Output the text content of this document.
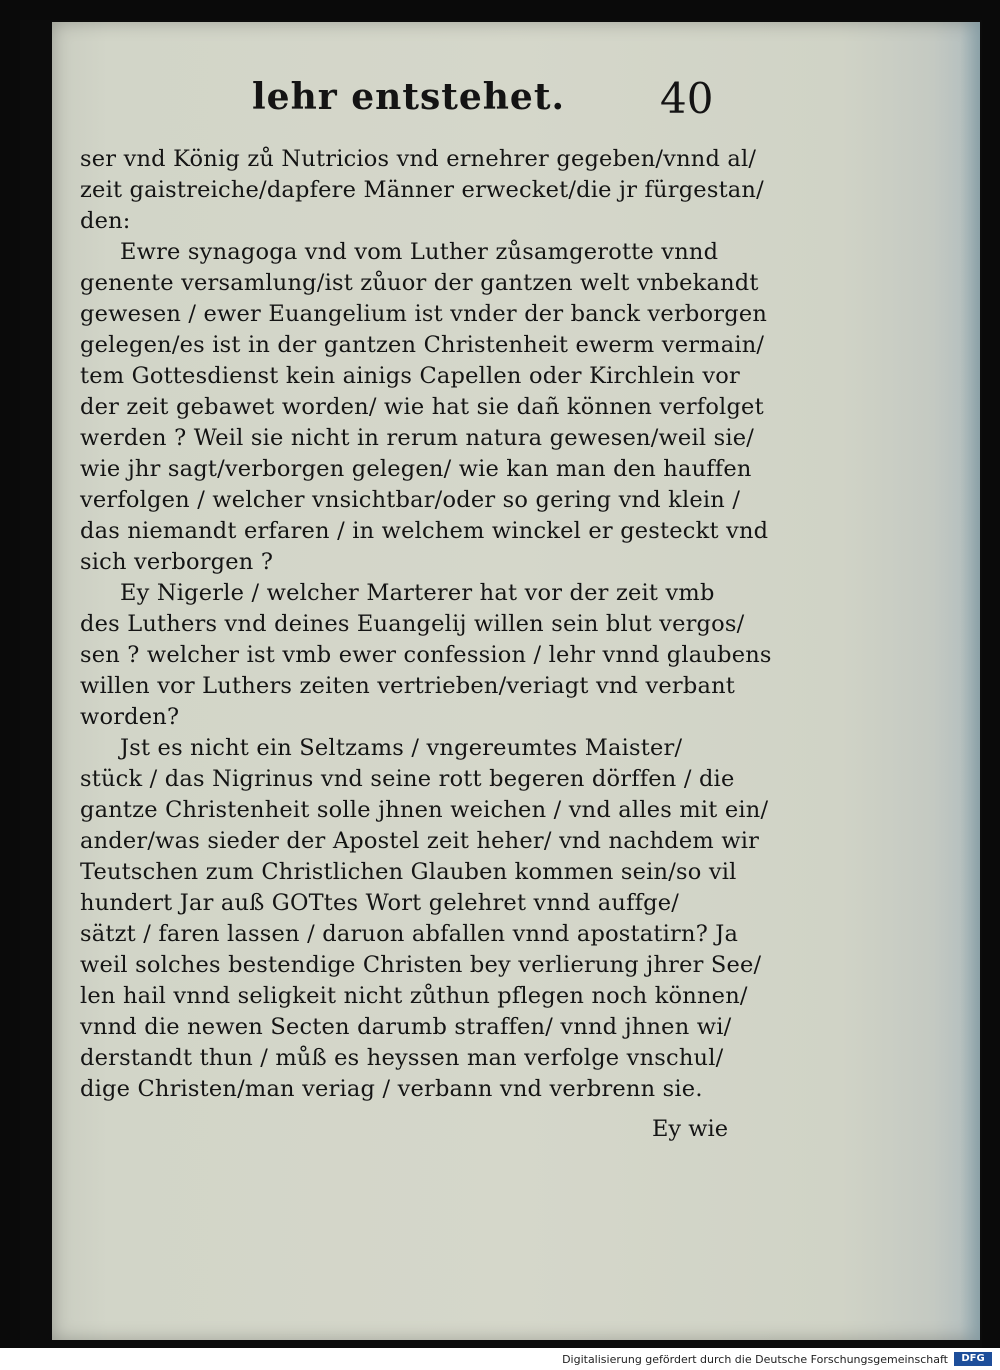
lehr entstehet. 40
ser vnd König zů Nutricios vnd ernehrer gegeben/vnnd al/
zeit gaistreiche/dapfere Männer erwecket/die jr fürgestan/
den:
Ewre synagoga vnd vom Luther zůsamgerotte vnnd
genente versamlung/ist zůuor der gantzen welt vnbekandt
gewesen / ewer Euangelium ist vnder der banck verborgen
gelegen/es ist in der gantzen Christenheit ewerm vermain/
tem Gottesdienst kein ainigs Capellen oder Kirchlein vor
der zeit gebawet worden/ wie hat sie dañ können verfolget
werden ? Weil sie nicht in rerum natura gewesen/weil sie/
wie jhr sagt/verborgen gelegen/ wie kan man den hauffen
verfolgen / welcher vnsichtbar/oder so gering vnd klein /
das niemandt erfaren / in welchem winckel er gesteckt vnd
sich verborgen ?
Ey Nigerle / welcher Marterer hat vor der zeit vmb
des Luthers vnd deines Euangelij willen sein blut vergos/
sen ? welcher ist vmb ewer confession / lehr vnnd glaubens
willen vor Luthers zeiten vertrieben/veriagt vnd verbant
worden?
Jst es nicht ein Seltzams / vngereumtes Maister/
stück / das Nigrinus vnd seine rott begeren dörffen / die
gantze Christenheit solle jhnen weichen / vnd alles mit ein/
ander/was sieder der Apostel zeit heher/ vnd nachdem wir
Teutschen zum Christlichen Glauben kommen sein/so vil
hundert Jar auß GOTtes Wort gelehret vnnd auffge/
sätzt / faren lassen / daruon abfallen vnnd apostatirn? Ja
weil solches bestendige Christen bey verlierung jhrer See/
len hail vnnd seligkeit nicht zůthun pflegen noch können/
vnnd die newen Secten darumb straffen/ vnnd jhnen wi/
derstandt thun / můß es heyssen man verfolge vnschul/
dige Christen/man veriag / verbann vnd verbrenn sie.
Ey wie
Digitalisierung gefördert durch die Deutsche Forschungsgemeinschaft	DFG
